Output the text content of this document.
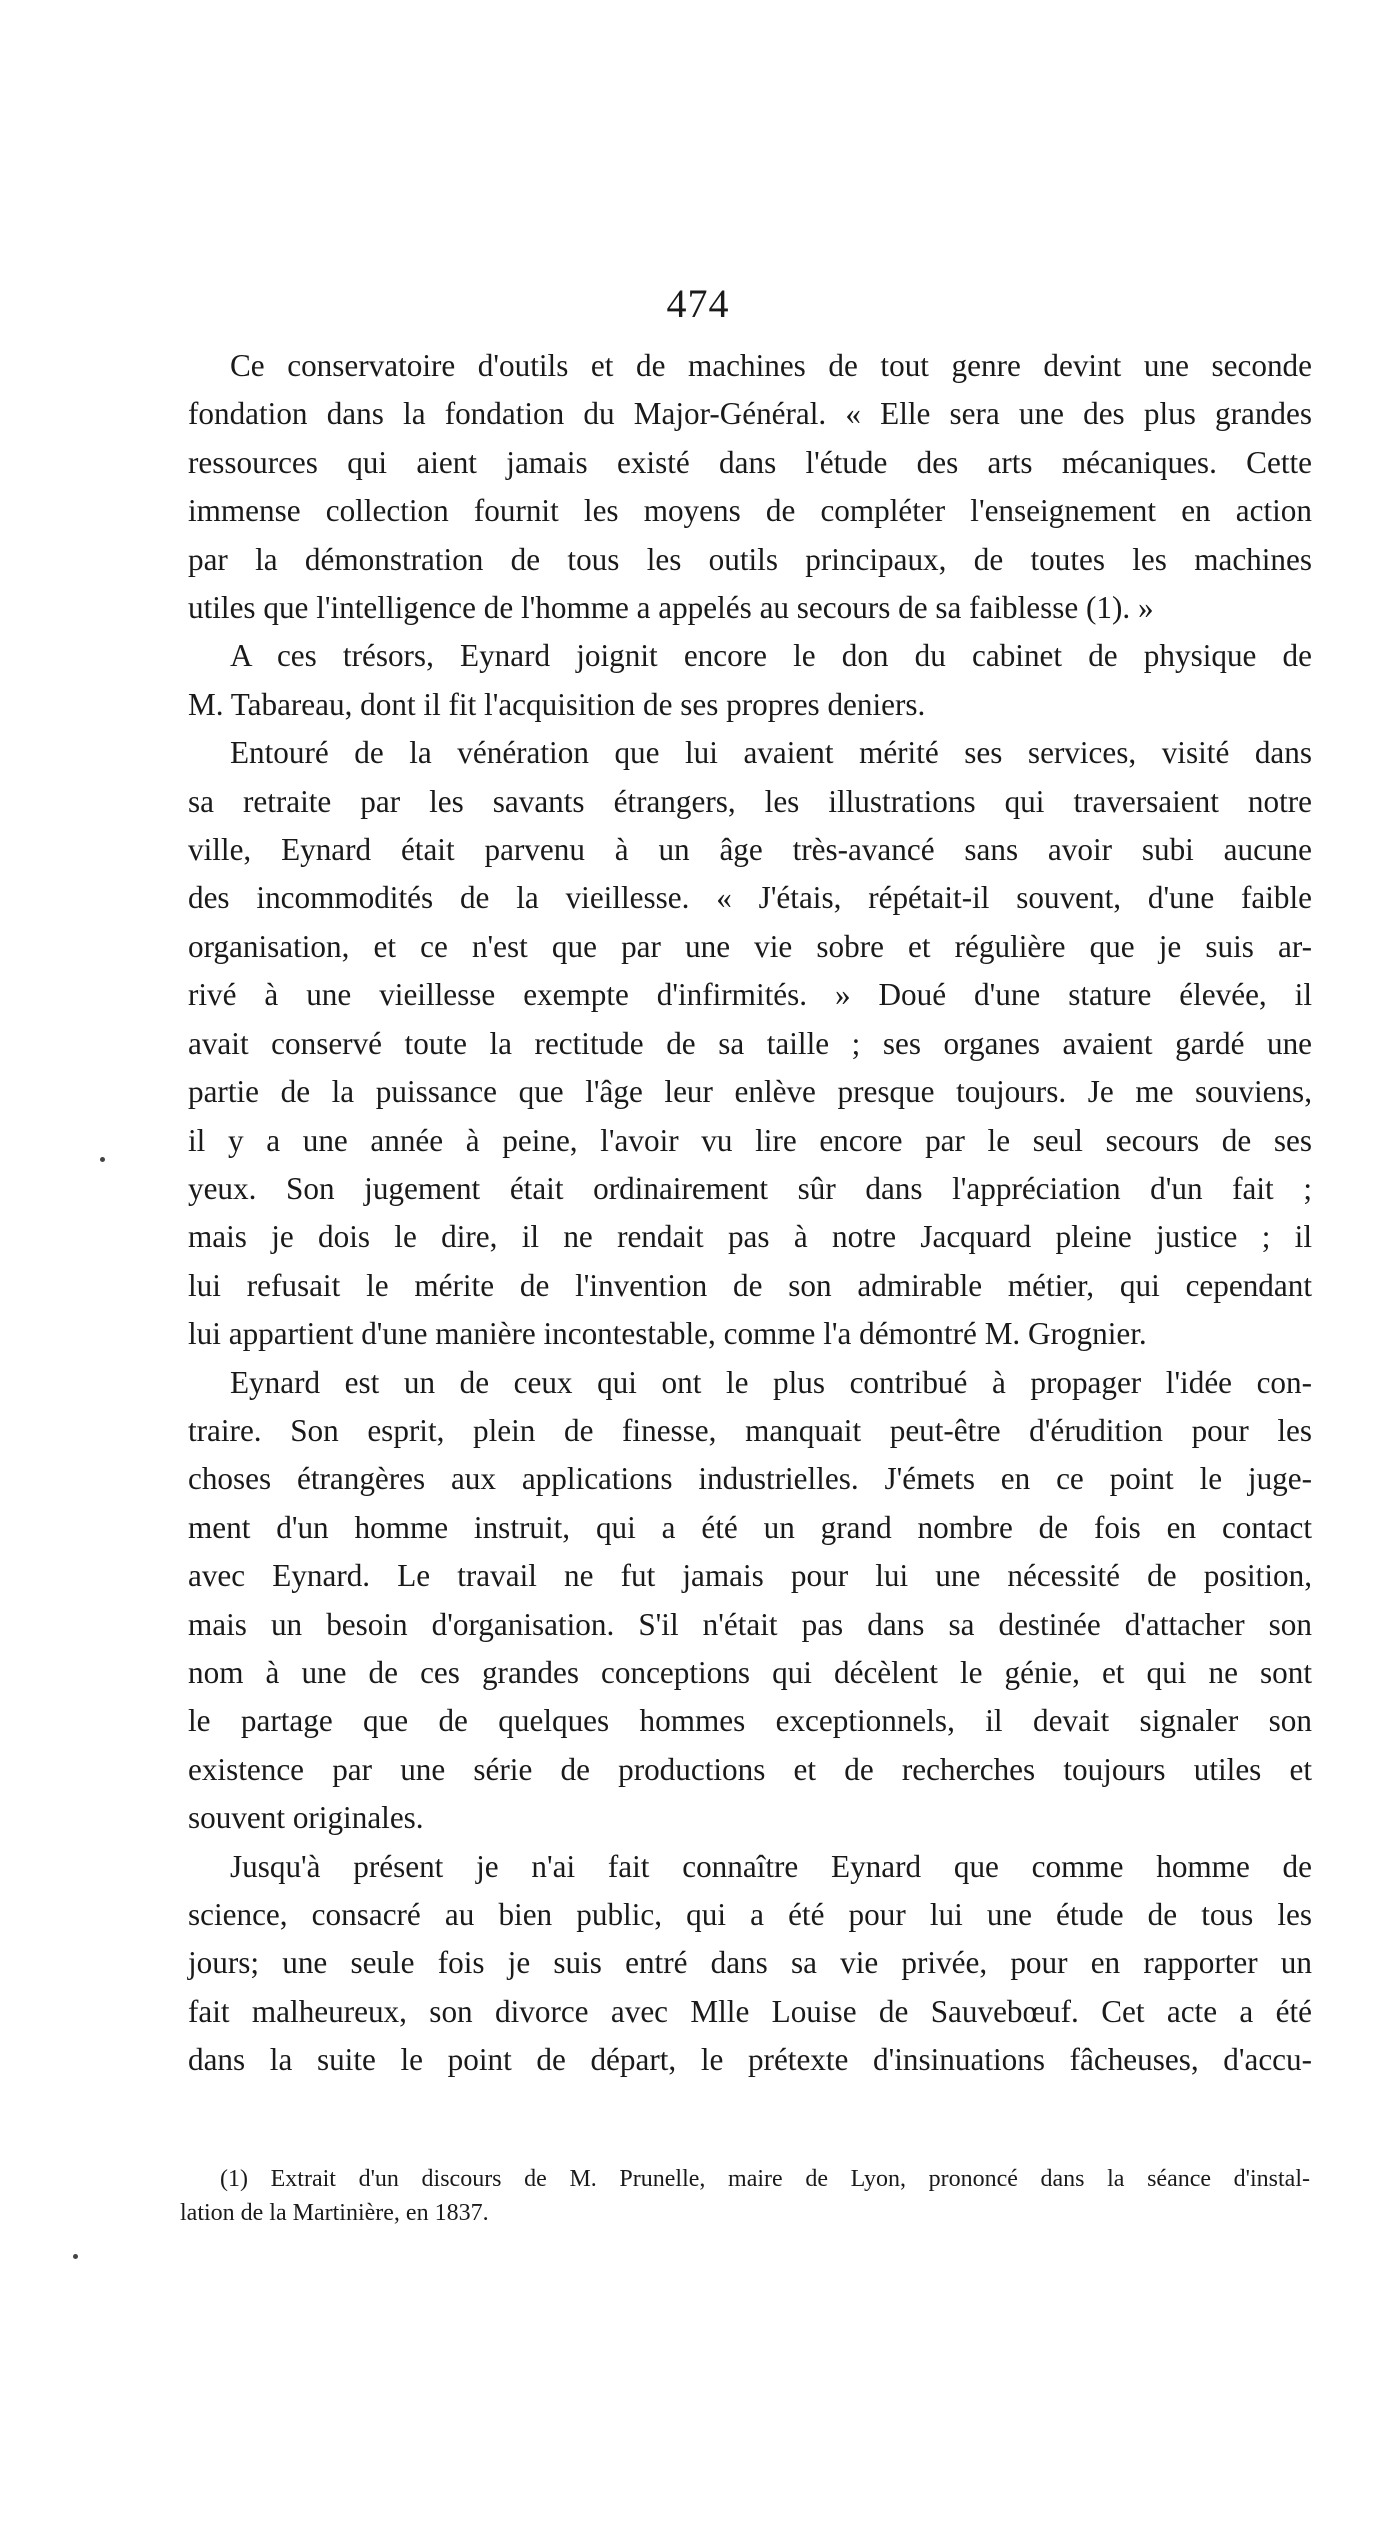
474
Ce conservatoire d'outils et de machines de tout genre devint une seconde
fondation dans la fondation du Major-Général. « Elle sera une des plus grandes
ressources qui aient jamais existé dans l'étude des arts mécaniques. Cette
immense collection fournit les moyens de compléter l'enseignement en action
par la démonstration de tous les outils principaux, de toutes les machines
utiles que l'intelligence de l'homme a appelés au secours de sa faiblesse (1). »
A ces trésors, Eynard joignit encore le don du cabinet de physique de
M. Tabareau, dont il fit l'acquisition de ses propres deniers.
Entouré de la vénération que lui avaient mérité ses services, visité dans
sa retraite par les savants étrangers, les illustrations qui traversaient notre
ville, Eynard était parvenu à un âge très-avancé sans avoir subi aucune
des incommodités de la vieillesse. « J'étais, répétait-il souvent, d'une faible
organisation, et ce n'est que par une vie sobre et régulière que je suis ar-
rivé à une vieillesse exempte d'infirmités. » Doué d'une stature élevée, il
avait conservé toute la rectitude de sa taille ; ses organes avaient gardé une
partie de la puissance que l'âge leur enlève presque toujours. Je me souviens,
il y a une année à peine, l'avoir vu lire encore par le seul secours de ses
yeux. Son jugement était ordinairement sûr dans l'appréciation d'un fait ;
mais je dois le dire, il ne rendait pas à notre Jacquard pleine justice ; il
lui refusait le mérite de l'invention de son admirable métier, qui cependant
lui appartient d'une manière incontestable, comme l'a démontré M. Grognier.
Eynard est un de ceux qui ont le plus contribué à propager l'idée con-
traire. Son esprit, plein de finesse, manquait peut-être d'érudition pour les
choses étrangères aux applications industrielles. J'émets en ce point le juge-
ment d'un homme instruit, qui a été un grand nombre de fois en contact
avec Eynard. Le travail ne fut jamais pour lui une nécessité de position,
mais un besoin d'organisation. S'il n'était pas dans sa destinée d'attacher son
nom à une de ces grandes conceptions qui décèlent le génie, et qui ne sont
le partage que de quelques hommes exceptionnels, il devait signaler son
existence par une série de productions et de recherches toujours utiles et
souvent originales.
Jusqu'à présent je n'ai fait connaître Eynard que comme homme de
science, consacré au bien public, qui a été pour lui une étude de tous les
jours; une seule fois je suis entré dans sa vie privée, pour en rapporter un
fait malheureux, son divorce avec Mlle Louise de Sauvebœuf. Cet acte a été
dans la suite le point de départ, le prétexte d'insinuations fâcheuses, d'accu-
(1) Extrait d'un discours de M. Prunelle, maire de Lyon, prononcé dans la séance d'instal-
lation de la Martinière, en 1837.
